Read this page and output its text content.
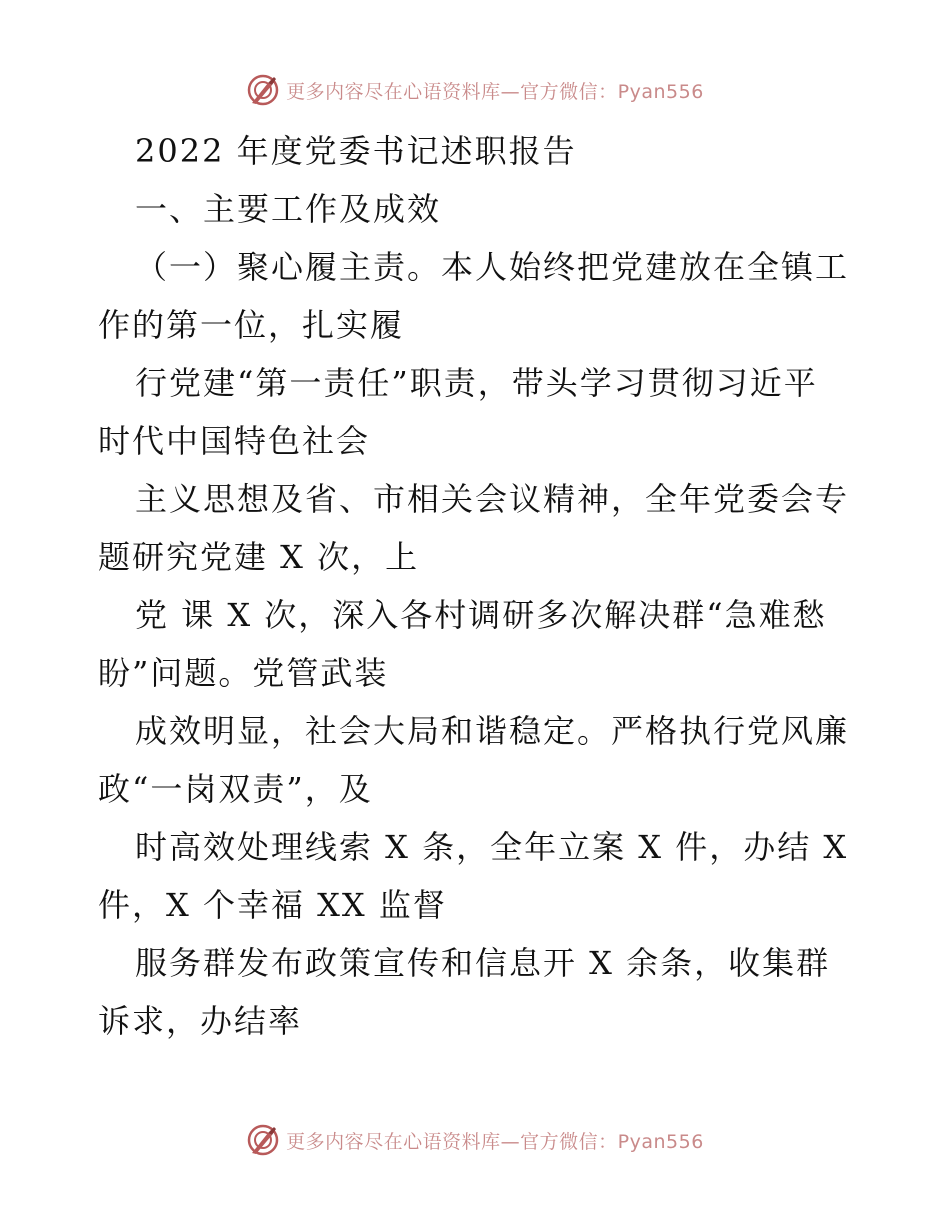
更多内容尽在心语资料库—官方微信：Pyan556
2022 年度党委书记述职报告
一、主要工作及成效
（一）聚心履主责。本人始终把党建放在全镇工
作的第一位，扎实履
行党建“第一责任”职责，带头学习贯彻习近平
时代中国特色社会
主义思想及省、市相关会议精神，全年党委会专
题研究党建 X 次，上
党 课 X 次，深入各村调研多次解决群“急难愁
盼”问题。党管武装
成效明显，社会大局和谐稳定。严格执行党风廉
政“一岗双责”，及
时高效处理线索 X 条，全年立案 X 件，办结 X
件，X 个幸福 XX 监督
服务群发布政策宣传和信息开 X 余条，收集群
诉求，办结率
更多内容尽在心语资料库—官方微信：Pyan556
